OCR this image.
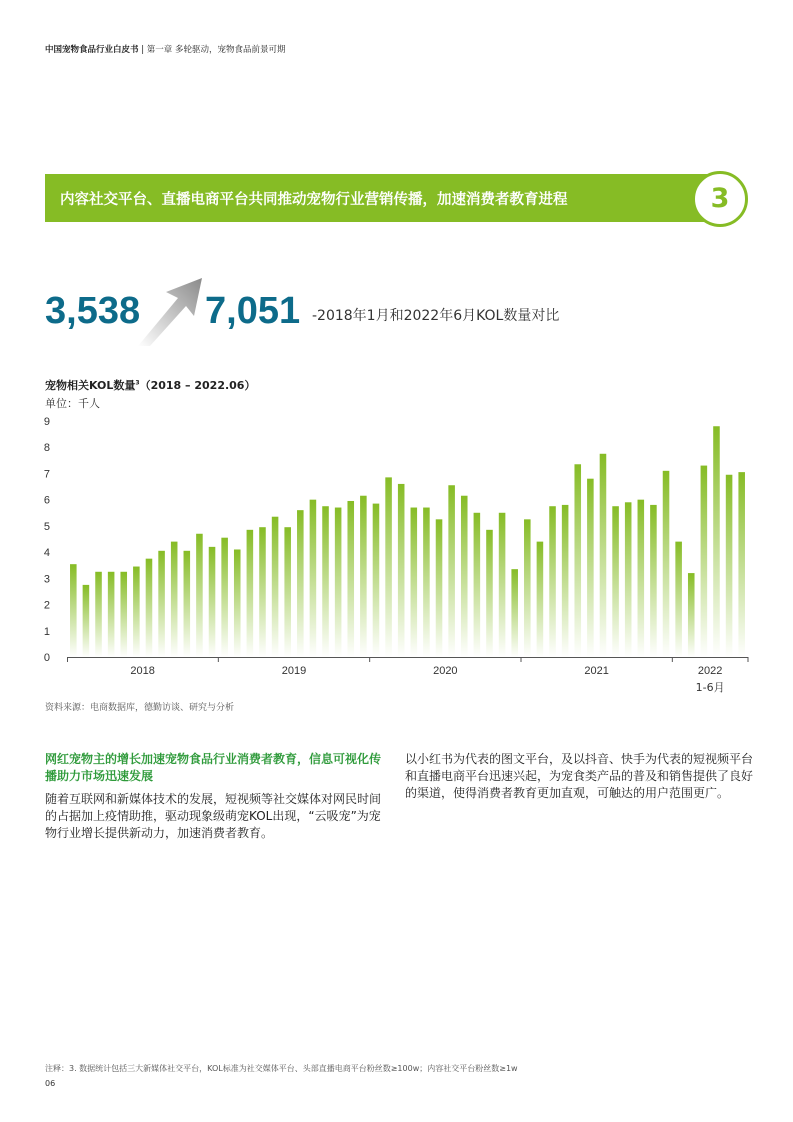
中国宠物食品行业白皮书 | 第一章 多轮驱动，宠物食品前景可期
内容社交平台、直播电商平台共同推动宠物行业营销传播，加速消费者教育进程	3
3,538 7,051 -2018年1月和2022年6月KOL数量对比
宠物相关KOL数量$^3$（2018 – 2022.06）
单位：千人
0
1
2
3
4
5
6
7
8
9
2018	2019	2020	2021	2022
1-6月
资料来源：电商数据库，德勤访谈、研究与分析
网红宠物主的增长加速宠物食品行业消费者教育，信息可视化传播助力市场迅速发展
随着互联网和新媒体技术的发展，短视频等社交媒体对网民时间的占据加上疫情助推，驱动现象级萌宠KOL出现，“云吸宠”为宠物行业增长提供新动力，加速消费者教育。
以小红书为代表的图文平台，及以抖音、快手为代表的短视频平台和直播电商平台迅速兴起，为宠食类产品的普及和销售提供了良好的渠道，使得消费者教育更加直观，可触达的用户范围更广。
注释：3. 数据统计包括三大新媒体社交平台，KOL标准为社交媒体平台、头部直播电商平台粉丝数≥100w；内容社交平台粉丝数≥1w
06
